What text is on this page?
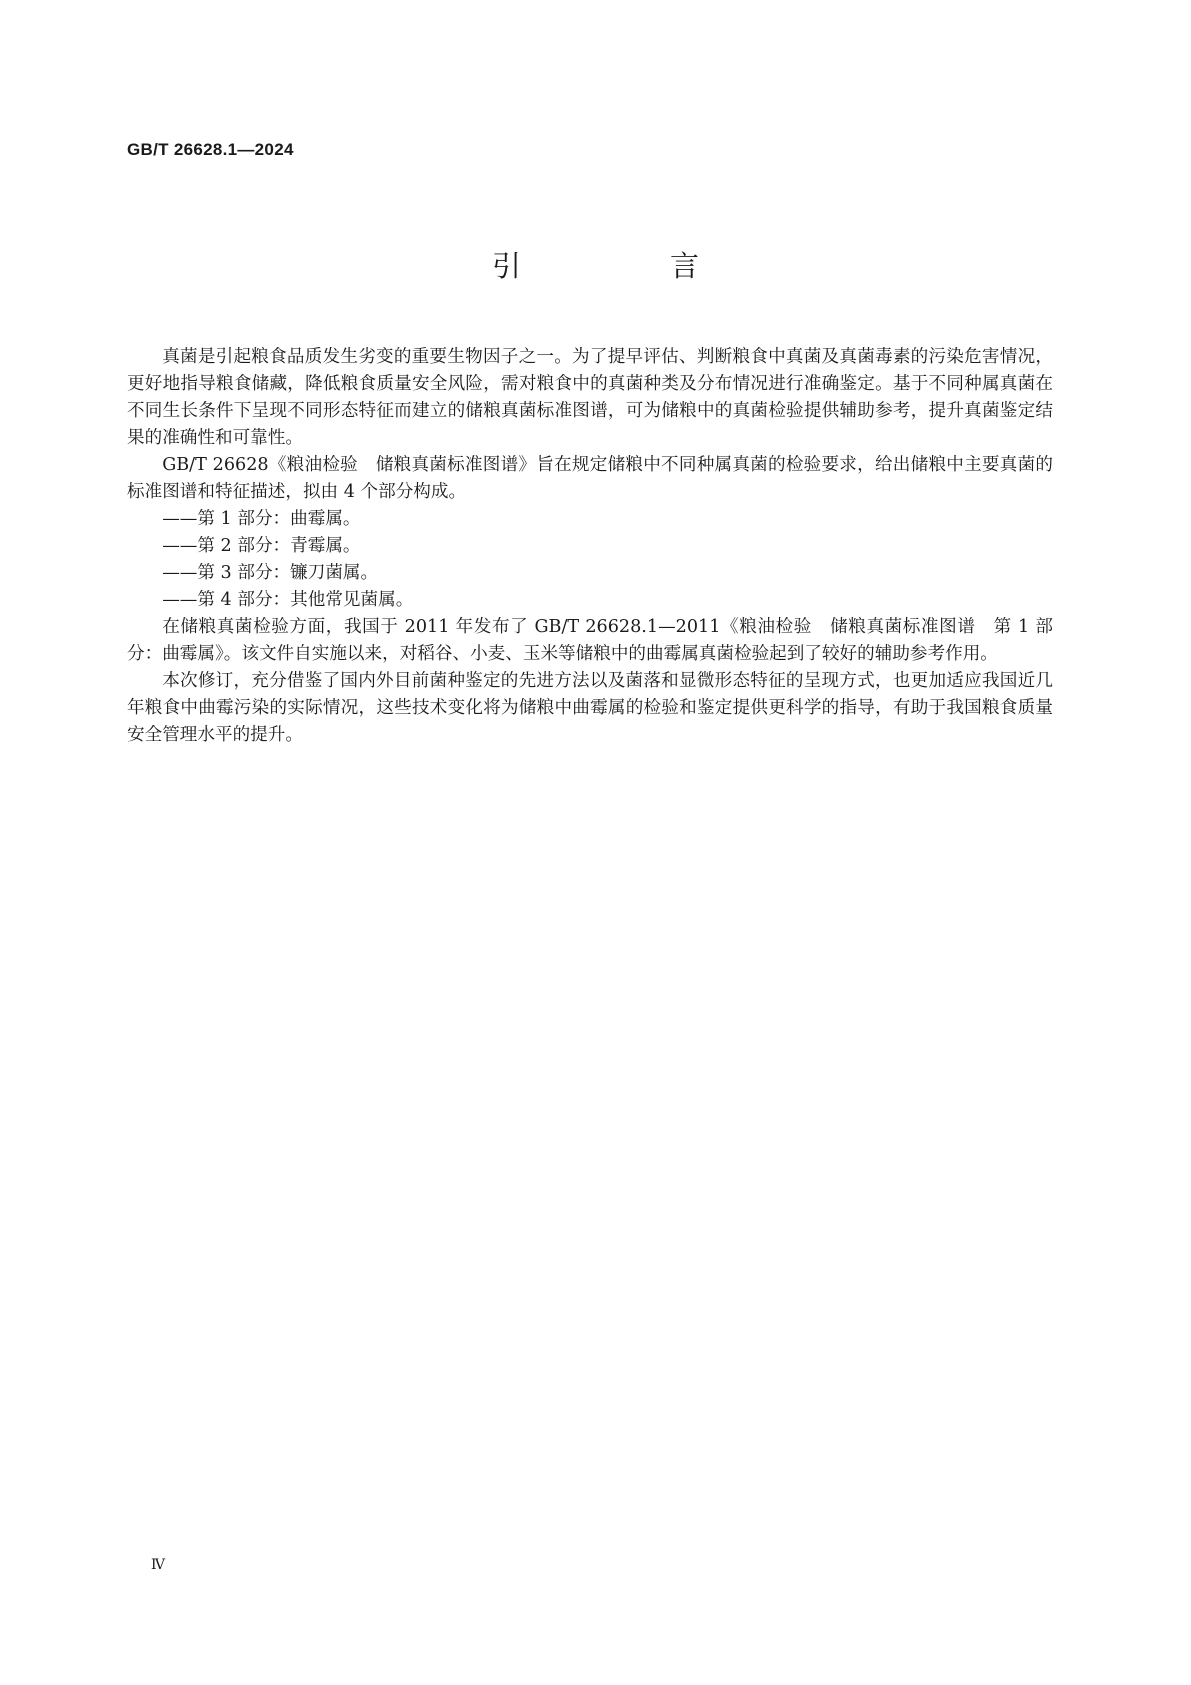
GB/T 26628.1—2024
引　言

真菌是引起粮食品质发生劣变的重要生物因子之一。为了提早评估、判断粮食中真菌及真菌毒素的污染危害情况，更好地指导粮食储藏，降低粮食质量安全风险，需对粮食中的真菌种类及分布情况进行准确鉴定。基于不同种属真菌在不同生长条件下呈现不同形态特征而建立的储粮真菌标准图谱，可为储粮中的真菌检验提供辅助参考，提升真菌鉴定结果的准确性和可靠性。

GB/T 26628《粮油检验　储粮真菌标准图谱》旨在规定储粮中不同种属真菌的检验要求，给出储粮中主要真菌的标准图谱和特征描述，拟由 4 个部分构成。

——第 1 部分：曲霉属。

——第 2 部分：青霉属。

——第 3 部分：镰刀菌属。

——第 4 部分：其他常见菌属。

在储粮真菌检验方面，我国于 2011 年发布了 GB/T 26628.1—2011《粮油检验　储粮真菌标准图谱　第 1 部分：曲霉属》。该文件自实施以来，对稻谷、小麦、玉米等储粮中的曲霉属真菌检验起到了较好的辅助参考作用。

本次修订，充分借鉴了国内外目前菌种鉴定的先进方法以及菌落和显微形态特征的呈现方式，也更加适应我国近几年粮食中曲霉污染的实际情况，这些技术变化将为储粮中曲霉属的检验和鉴定提供更科学的指导，有助于我国粮食质量安全管理水平的提升。

Ⅳ
